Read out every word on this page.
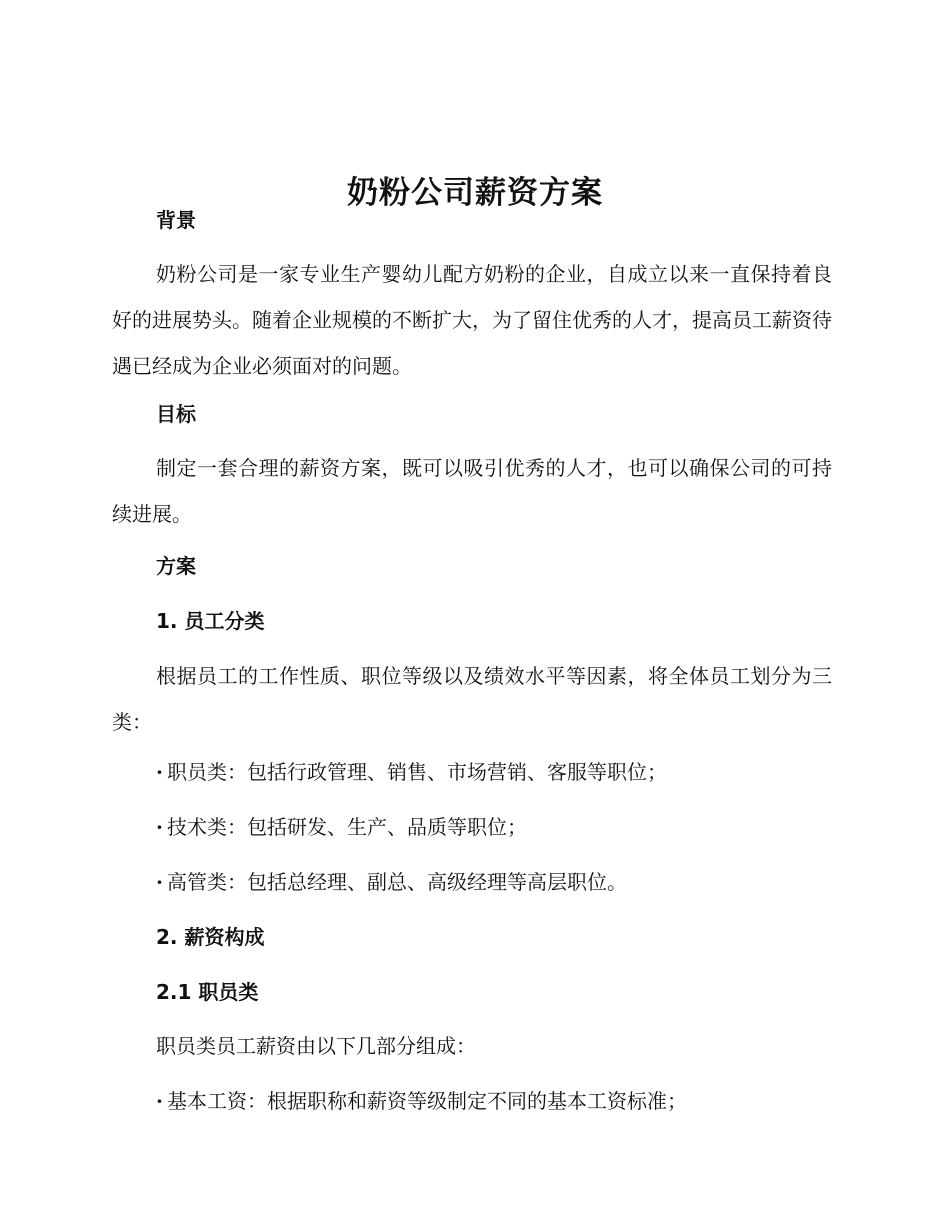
奶粉公司薪资方案
背景

奶粉公司是一家专业生产婴幼儿配方奶粉的企业，自成立以来一直保持着良好的进展势头。随着企业规模的不断扩大，为了留住优秀的人才，提高员工薪资待遇已经成为企业必须面对的问题。

目标

制定一套合理的薪资方案，既可以吸引优秀的人才，也可以确保公司的可持续进展。

方案
1. 员工分类

根据员工的工作性质、职位等级以及绩效水平等因素，将全体员工划分为三类：

· 职员类：包括行政管理、销售、市场营销、客服等职位；
· 技术类：包括研发、生产、品质等职位；
· 高管类：包括总经理、副总、高级经理等高层职位。
2. 薪资构成
2.1 职员类
职员类员工薪资由以下几部分组成：
· 基本工资：根据职称和薪资等级制定不同的基本工资标准；
